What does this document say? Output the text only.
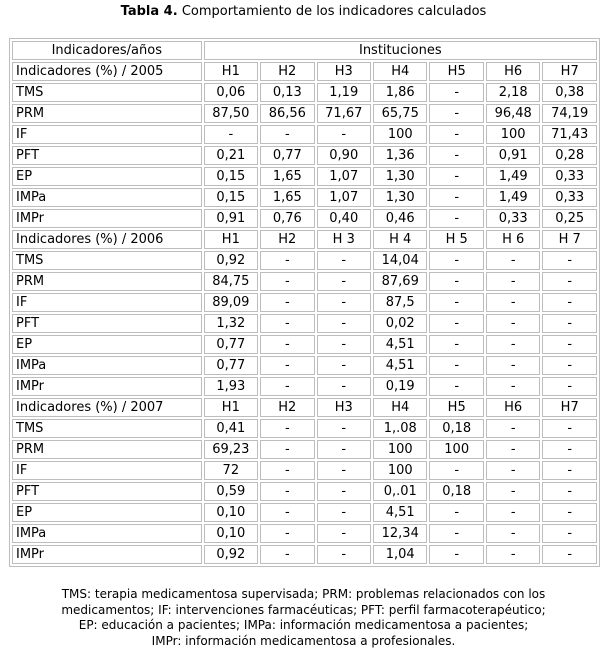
Tabla 4. Comportamiento de los indicadores calculados
Indicadores/años	Instituciones						
Indicadores (%) / 2005	H1	H2	H3	H4	H5	H6	H7
TMS	0,06	0,13	1,19	1,86	-	2,18	0,38
PRM	87,50	86,56	71,67	65,75	-	96,48	74,19
IF	-	-	-	100	-	100	71,43
PFT	0,21	0,77	0,90	1,36	-	0,91	0,28
EP	0,15	1,65	1,07	1,30	-	1,49	0,33
IMPa	0,15	1,65	1,07	1,30	-	1,49	0,33
IMPr	0,91	0,76	0,40	0,46	-	0,33	0,25
Indicadores (%) / 2006	H1	H2	H 3	H 4	H 5	H 6	H 7
TMS	0,92	-	-	14,04	-	-	-
PRM	84,75	-	-	87,69	-	-	-
IF	89,09	-	-	87,5	-	-	-
PFT	1,32	-	-	0,02	-	-	-
EP	0,77	-	-	4,51	-	-	-
IMPa	0,77	-	-	4,51	-	-	-
IMPr	1,93	-	-	0,19	-	-	-
Indicadores (%) / 2007	H1	H2	H3	H4	H5	H6	H7
TMS	0,41	-	-	1,.08	0,18	-	-
PRM	69,23	-	-	100	100	-	-
IF	72	-	-	100	-	-	-
PFT	0,59	-	-	0,.01	0,18	-	-
EP	0,10	-	-	4,51	-	-	-
IMPa	0,10	-	-	12,34	-	-	-
IMPr	0,92	-	-	1,04	-	-	-
TMS: terapia medicamentosa supervisada; PRM: problemas relacionados con los
medicamentos; IF: intervenciones farmacéuticas; PFT: perfil farmacoterapéutico;
EP: educación a pacientes; IMPa: información medicamentosa a pacientes;
IMPr: información medicamentosa a profesionales.
